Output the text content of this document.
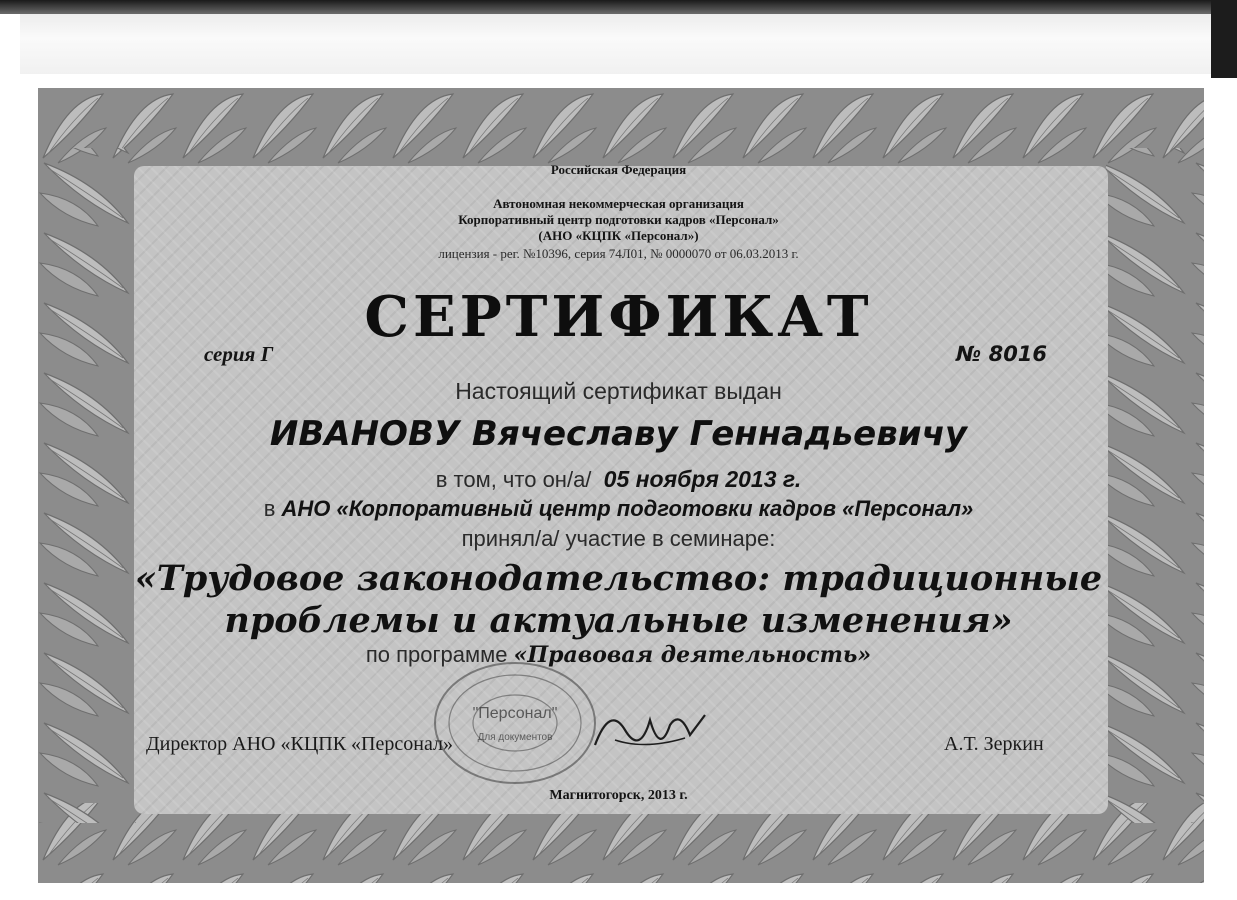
Российская Федерация
Автономная некоммерческая организация
Корпоративный центр подготовки кадров «Персонал»
(АНО «КЦПК «Персонал»)
лицензия - рег. №10396, серия 74Л01, № 0000070 от 06.03.2013 г.
СЕРТИФИКАТ
серия Г	№ 8016
Настоящий сертификат выдан
ИВАНОВУ Вячеславу Геннадьевичу
в том, что он/а/ 05 ноября 2013 г.
в АНО «Корпоративный центр подготовки кадров «Персонал»
принял/а/ участие в семинаре:
«Трудовое законодательство: традиционные
проблемы и актуальные изменения»
по программе «Правовая деятельность»
"Персонал"
Для документов
Директор АНО «КЦПК «Персонал»	А.Т. Зеркин
Магнитогорск, 2013 г.
